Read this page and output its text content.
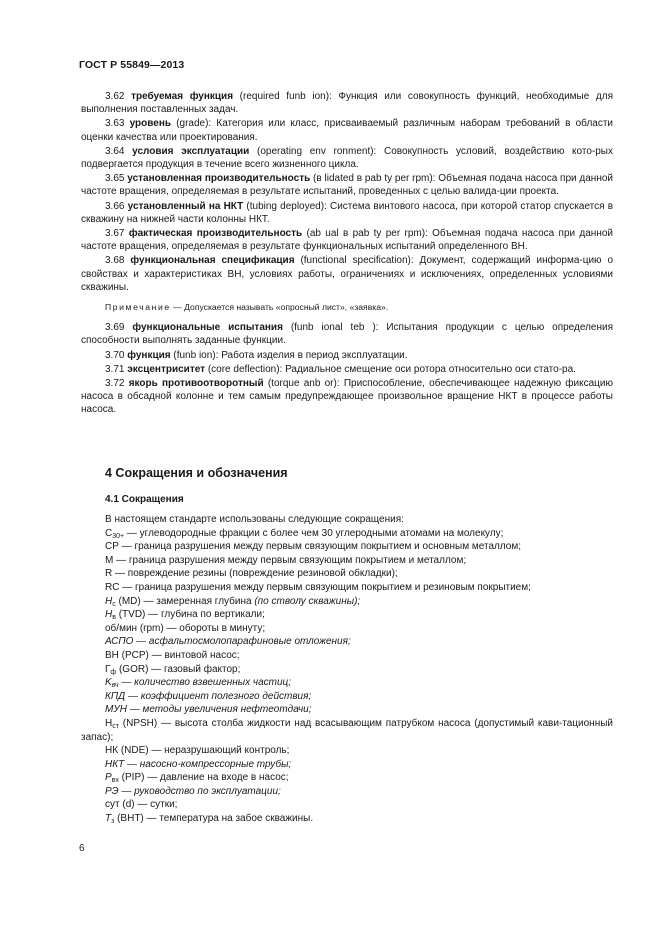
ГОСТ Р 55849—2013

3.62 требуемая функция (required funb ion): Функция или совокупность функций, необходимые для выполнения поставленных задач.

3.63 уровень (grade): Категория или класс, присваиваемый различным наборам требований в области оценки качества или проектирования.

3.64 условия эксплуатации (operating env ronment): Совокупность условий, воздействию кото-рых подвергается продукция в течение всего жизненного цикла.

3.65 установленная производительность (в lidated в pab ty per rpm): Объемная подача насоса при данной частоте вращения, определяемая в результате испытаний, проведенных с целью валида-ции проекта.

3.66 установленный на НКТ (tubing deployed): Система винтового насоса, при которой статор спускается в скважину на нижней части колонны НКТ.

3.67 фактическая производительность (ab ual в pab ty per rpm): Объемная подача насоса при данной частоте вращения, определяемая в результате функциональных испытаний определенного ВН.

3.68 функциональная спецификация (functional specification): Документ, содержащий информа-цию о свойствах и характеристиках ВН, условиях работы, ограничениях и исключениях, определенных условиями скважины.

Примечание — Допускается называть «опросный лист», «заявка».

3.69 функциональные испытания (funb ional teb ): Испытания продукции с целью определения способности выполнять заданные функции.

3.70 функция (funb ion): Работа изделия в период эксплуатации.

3.71 эксцентриситет (core deflection): Радиальное смещение оси ротора относительно оси стато-ра.

3.72 якорь противоотворотный (torque anb or): Приспособление, обеспечивающее надежную фиксацию насоса в обсадной колонне и тем самым предупреждающее произвольное вращение НКТ в процессе работы насоса.

4 Сокращения и обозначения
4.1 Сокращения
В настоящем стандарте использованы следующие сокращения:
$С_{30+}$ — углеводородные фракции с более чем 30 углеродными атомами на молекулу;
СР — граница разрушения между первым связующим покрытием и основным металлом;
М — граница разрушения между первым связующим покрытием и металлом;
R — повреждение резины (повреждение резиновой обкладки);
RC — граница разрушения между первым связующим покрытием и резиновым покрытием;
$H_с$ (MD) — замеренная глубина (по стволу скважины);
$H_в$ (TVD) — глубина по вертикали;
об/мин (rpm) — обороты в минуту;
АСПО — асфальтосмолопарафиновые отложения;
ВН (PCP) — винтовой насос;
$Г_ф$ (GOR) — газовый фактор;
$K_{вч}$ — количество взвешенных частиц;
КПД — коэффициент полезного действия;
МУН — методы увеличения нефтеотдачи;
$Н_{ст}$ (NPSH) — высота столба жидкости над всасывающим патрубком насоса (допустимый кави-тационный запас);
НК (NDE) — неразрушающий контроль;
НКТ — насосно-компрессорные трубы;
$P_{вх}$ (PIP) — давление на входе в насос;
РЭ — руководство по эксплуатации;
сут (d) — сутки;
$T_з$ (BHT) — температура на забое скважины.
6
